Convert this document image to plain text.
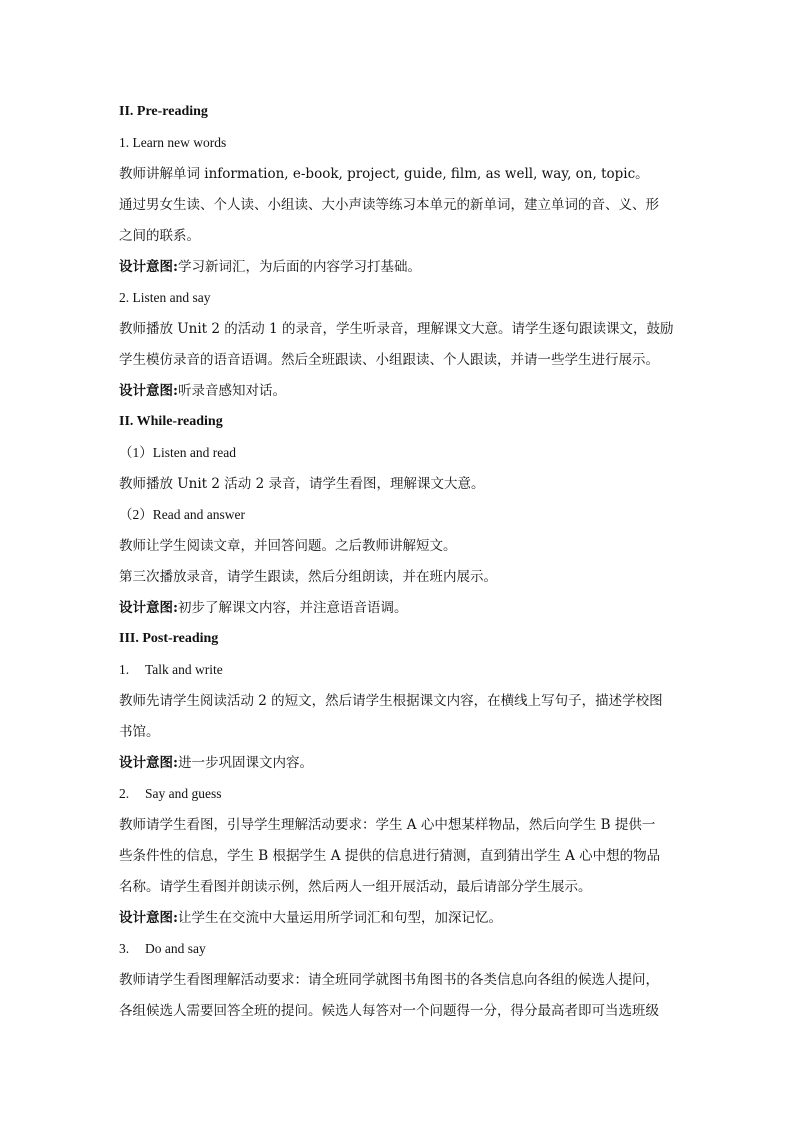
II. Pre-reading
1. Learn new words
教师讲解单词 information, e-book, project, guide, film, as well, way, on, topic。
通过男女生读、个人读、小组读、大小声读等练习本单元的新单词，建立单词的音、义、形
之间的联系。
设计意图:学习新词汇，为后面的内容学习打基础。
2. Listen and say
教师播放 Unit 2 的活动 1 的录音，学生听录音，理解课文大意。请学生逐句跟读课文，鼓励
学生模仿录音的语音语调。然后全班跟读、小组跟读、个人跟读，并请一些学生进行展示。
设计意图:听录音感知对话。
II. While-reading
（1）Listen and read
教师播放 Unit 2 活动 2 录音，请学生看图，理解课文大意。
（2）Read and answer
教师让学生阅读文章，并回答问题。之后教师讲解短文。
第三次播放录音，请学生跟读，然后分组朗读，并在班内展示。
设计意图:初步了解课文内容，并注意语音语调。
III. Post-reading
1. Talk and write
教师先请学生阅读活动 2 的短文，然后请学生根据课文内容，在横线上写句子，描述学校图
书馆。
设计意图:进一步巩固课文内容。
2. Say and guess
教师请学生看图，引导学生理解活动要求：学生 A 心中想某样物品，然后向学生 B 提供一
些条件性的信息，学生 B 根据学生 A 提供的信息进行猜测，直到猜出学生 A 心中想的物品
名称。请学生看图并朗读示例，然后两人一组开展活动，最后请部分学生展示。
设计意图:让学生在交流中大量运用所学词汇和句型，加深记忆。
3. Do and say
教师请学生看图理解活动要求：请全班同学就图书角图书的各类信息向各组的候选人提问，
各组候选人需要回答全班的提问。候选人每答对一个问题得一分，得分最高者即可当选班级
